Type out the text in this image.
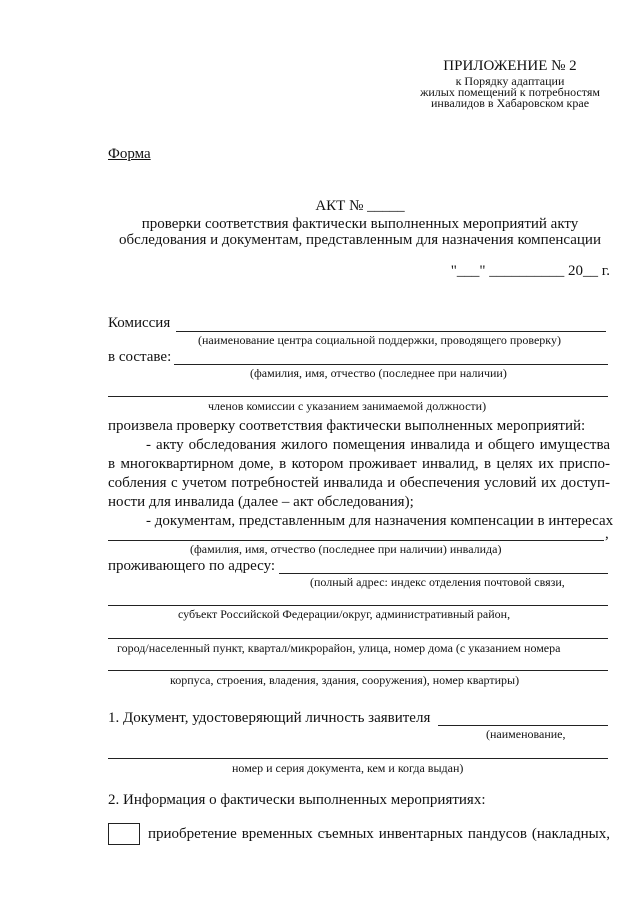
ПРИЛОЖЕНИЕ № 2
к Порядку адаптации
жилых помещений к потребностям
инвалидов в Хабаровском крае
Форма
АКТ № _____
проверки соответствия фактически выполненных мероприятий акту
обследования и документам, представленным для назначения компенсации
"___" __________ 20__ г.
Комиссия
(наименование центра социальной поддержки, проводящего проверку)
в составе:
(фамилия, имя, отчество (последнее при наличии)
членов комиссии с указанием занимаемой должности)
произвела проверку соответствия фактически выполненных мероприятий:
- акту обследования жилого помещения инвалида и общего имущества
в многоквартирном доме, в котором проживает инвалид, в целях их приспо-
собления с учетом потребностей инвалида и обеспечения условий их доступ-
ности для инвалида (далее – акт обследования);
- документам, представленным для назначения компенсации в интересах
,
(фамилия, имя, отчество (последнее при наличии) инвалида)
проживающего по адресу:
(полный адрес: индекс отделения почтовой связи,
субъект Российской Федерации/округ, административный район,
город/населенный пункт, квартал/микрорайон, улица, номер дома (с указанием номера
корпуса, строения, владения, здания, сооружения), номер квартиры)
1. Документ, удостоверяющий личность заявителя
(наименование,
номер и серия документа, кем и когда выдан)
2. Информация о фактически выполненных мероприятиях:
приобретение временных съемных инвентарных пандусов (накладных,
